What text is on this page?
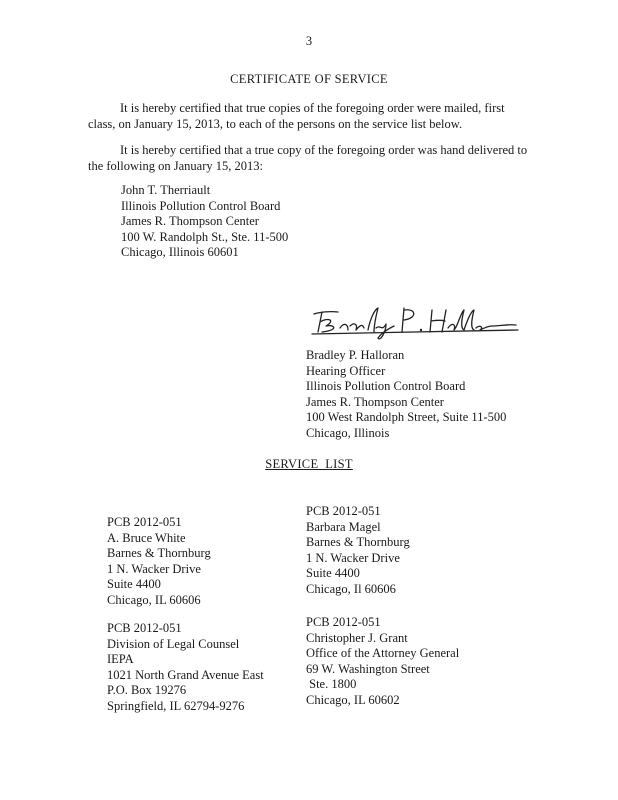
3
CERTIFICATE OF SERVICE
It is hereby certified that true copies of the foregoing order were mailed, first
class, on January 15, 2013, to each of the persons on the service list below.
It is hereby certified that a true copy of the foregoing order was hand delivered to
the following on January 15, 2013:
John T. Therriault
Illinois Pollution Control Board
James R. Thompson Center
100 W. Randolph St., Ste. 11-500
Chicago, Illinois 60601
Bradley P. Halloran
Hearing Officer
Illinois Pollution Control Board
James R. Thompson Center
100 West Randolph Street, Suite 11-500
Chicago, Illinois
SERVICE  LIST
PCB 2012-051
A. Bruce White
Barnes & Thornburg
1 N. Wacker Drive
Suite 4400
Chicago, IL 60606
PCB 2012-051
Barbara Magel
Barnes & Thornburg
1 N. Wacker Drive
Suite 4400
Chicago, Il 60606
PCB 2012-051
Division of Legal Counsel
IEPA
1021 North Grand Avenue East
P.O. Box 19276
Springfield, IL 62794-9276
PCB 2012-051
Christopher J. Grant
Office of the Attorney General
69 W. Washington Street
Ste. 1800
Chicago, IL 60602
